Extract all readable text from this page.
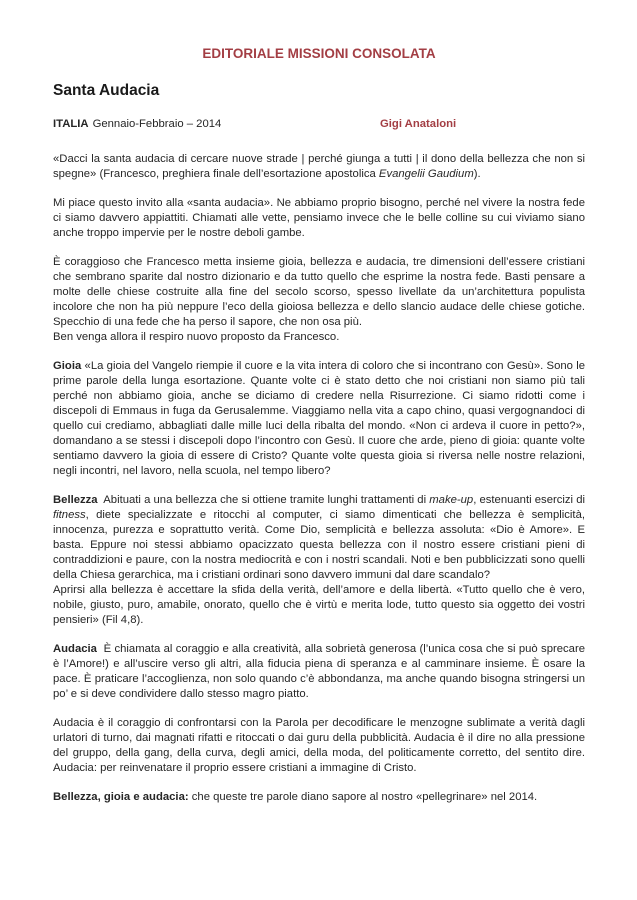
EDITORIALE MISSIONI CONSOLATA
Santa Audacia
ITALIA Gennaio-Febbraio – 2014	Gigi Anataloni

«Dacci la santa audacia di cercare nuove strade | perché giunga a tutti | il dono della bellezza che non si spegne» (Francesco, preghiera finale dell’esortazione apostolica Evangelii Gaudium).

Mi piace questo invito alla «santa audacia». Ne abbiamo proprio bisogno, perché nel vivere la nostra fede ci siamo davvero appiattiti. Chiamati alle vette, pensiamo invece che le belle colline su cui viviamo siano anche troppo impervie per le nostre deboli gambe.

È coraggioso che Francesco metta insieme gioia, bellezza e audacia, tre dimensioni dell’essere cristiani che sembrano sparite dal nostro dizionario e da tutto quello che esprime la nostra fede. Basti pensare a molte delle chiese costruite alla fine del secolo scorso, spesso livellate da un’architettura populista incolore che non ha più neppure l’eco della gioiosa bellezza e dello slancio audace delle chiese gotiche. Specchio di una fede che ha perso il sapore, che non osa più.
Ben venga allora il respiro nuovo proposto da Francesco.

Gioia «La gioia del Vangelo riempie il cuore e la vita intera di coloro che si incontrano con Gesù». Sono le prime parole della lunga esortazione. Quante volte ci è stato detto che noi cristiani non siamo più tali perché non abbiamo gioia, anche se diciamo di credere nella Risurrezione. Ci siamo ridotti come i discepoli di Emmaus in fuga da Gerusalemme. Viaggiamo nella vita a capo chino, quasi vergognandoci di quello cui crediamo, abbagliati dalle mille luci della ribalta del mondo. «Non ci ardeva il cuore in petto?», domandano a se stessi i discepoli dopo l’incontro con Gesù. Il cuore che arde, pieno di gioia: quante volte sentiamo davvero la gioia di essere di Cristo? Quante volte questa gioia si riversa nelle nostre relazioni, negli incontri, nel lavoro, nella scuola, nel tempo libero?

Bellezza  Abituati a una bellezza che si ottiene tramite lunghi trattamenti di make-up, estenuanti esercizi di fitness, diete specializzate e ritocchi al computer, ci siamo dimenticati che bellezza è semplicità, innocenza, purezza e soprattutto verità. Come Dio, semplicità e bellezza assoluta: «Dio è Amore». E basta. Eppure noi stessi abbiamo opacizzato questa bellezza con il nostro essere cristiani pieni di contraddizioni e paure, con la nostra mediocrità e con i nostri scandali. Noti e ben pubblicizzati sono quelli della Chiesa gerarchica, ma i cristiani ordinari sono davvero immuni dal dare scandalo?
Aprirsi alla bellezza è accettare la sfida della verità, dell’amore e della libertà. «Tutto quello che è vero, nobile, giusto, puro, amabile, onorato, quello che è virtù e merita lode, tutto questo sia oggetto dei vostri pensieri» (Fil 4,8).

Audacia  È chiamata al coraggio e alla creatività, alla sobrietà generosa (l’unica cosa che si può sprecare è l’Amore!) e all’uscire verso gli altri, alla fiducia piena di speranza e al camminare insieme. È osare la pace. È praticare l’accoglienza, non solo quando c’è abbondanza, ma anche quando bisogna stringersi un po’ e si deve condividere dallo stesso magro piatto.

Audacia è il coraggio di confrontarsi con la Parola per decodificare le menzogne sublimate a verità dagli urlatori di turno, dai magnati rifatti e ritoccati o dai guru della pubblicità. Audacia è il dire no alla pressione del gruppo, della gang, della curva, degli amici, della moda, del politicamente corretto, del sentito dire. Audacia: per reinvenatare il proprio essere cristiani a immagine di Cristo.

Bellezza, gioia e audacia: che queste tre parole diano sapore al nostro «pellegrinare» nel 2014.
